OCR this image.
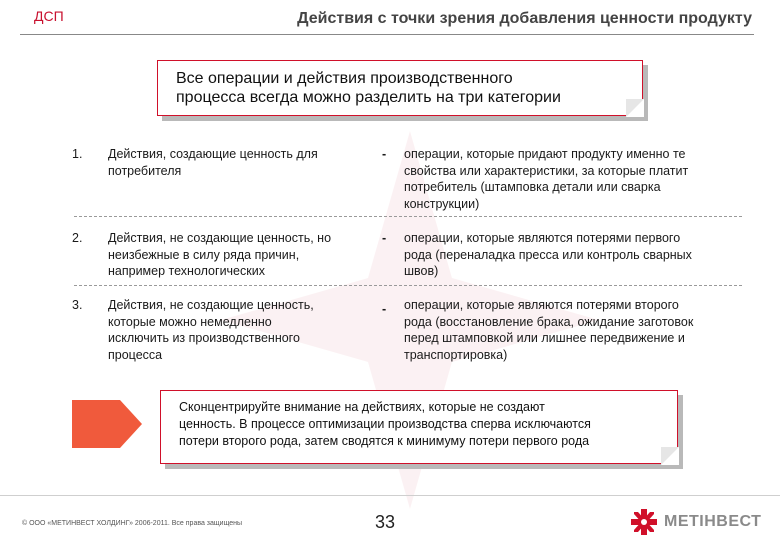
ДСП	Действия с точки зрения добавления ценности продукту
Все операции и действия производственного
процесса всегда можно разделить на три категории
1. Действия, создающие ценность для
потребителя
- операции, которые придают продукту именно те
свойства или характеристики, за которые платит
потребитель (штамповка детали или сварка
конструкции)
2. Действия, не создающие ценность, но
неизбежные в силу ряда причин,
например технологических
- операции, которые являются потерями первого
рода (переналадка пресса или контроль сварных
швов)
3. Действия, не создающие ценность,
которые можно немедленно
исключить из производственного
процесса
- операции, которые являются потерями второго
рода (восстановление брака, ожидание заготовок
перед штамповкой или лишнее передвижение и
транспортировка)
Сконцентрируйте внимание на действиях, которые не создают
ценность. В процессе оптимизации производства сперва исключаются
потери второго рода, затем сводятся к минимуму потери первого рода
© ООО «МЕТИНВЕСТ ХОЛДИНГ» 2006-2011. Все права защищены	33	МЕТІНВЕСТ
